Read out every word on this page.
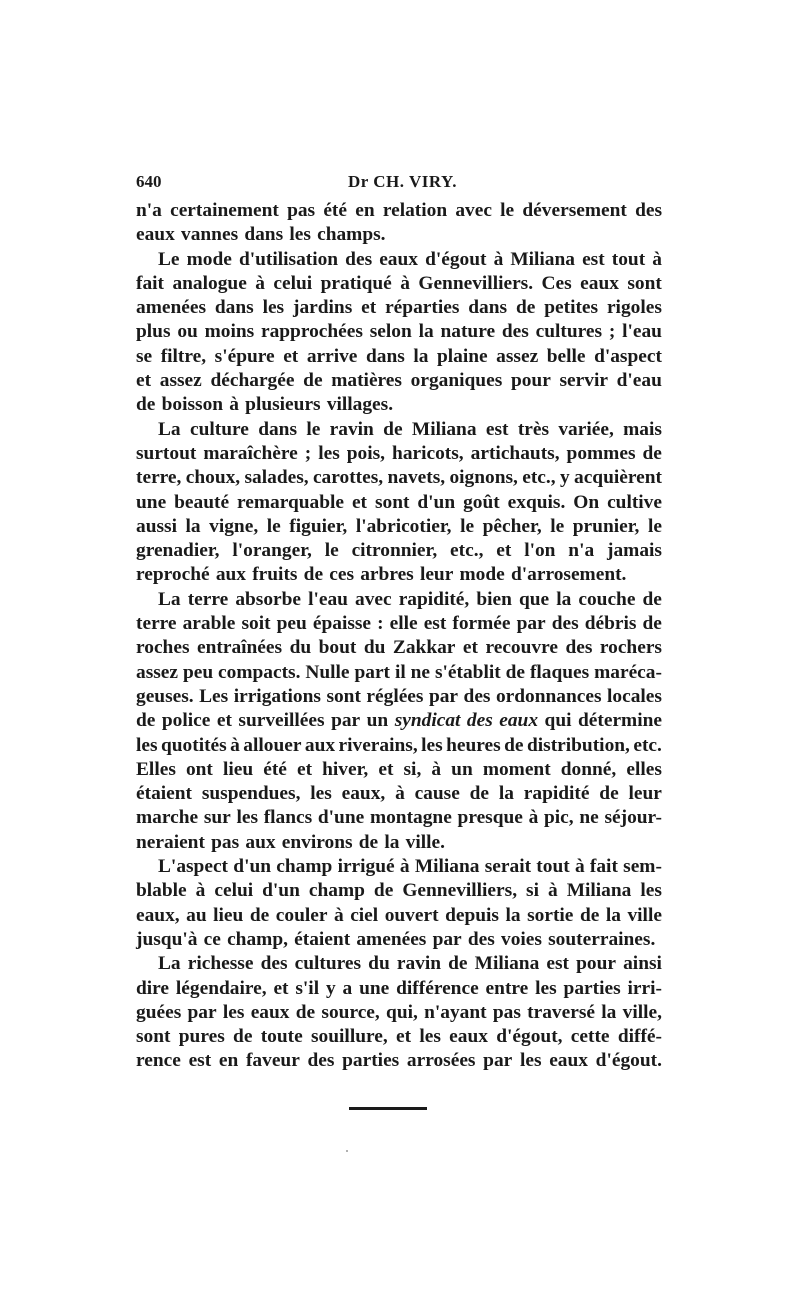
640	Dr CH. VIRY.
n'a certainement pas été en relation avec le déversement des
eaux vannes dans les champs.
Le mode d'utilisation des eaux d'égout à Miliana est tout à
fait analogue à celui pratiqué à Gennevilliers. Ces eaux sont
amenées dans les jardins et réparties dans de petites rigoles
plus ou moins rapprochées selon la nature des cultures ; l'eau
se filtre, s'épure et arrive dans la plaine assez belle d'aspect
et assez déchargée de matières organiques pour servir d'eau
de boisson à plusieurs villages.
La culture dans le ravin de Miliana est très variée, mais
surtout maraîchère ; les pois, haricots, artichauts, pommes de
terre, choux, salades, carottes, navets, oignons, etc., y acquièrent
une beauté remarquable et sont d'un goût exquis. On cultive
aussi la vigne, le figuier, l'abricotier, le pêcher, le prunier, le
grenadier, l'oranger, le citronnier, etc., et l'on n'a jamais
reproché aux fruits de ces arbres leur mode d'arrosement.
La terre absorbe l'eau avec rapidité, bien que la couche de
terre arable soit peu épaisse : elle est formée par des débris de
roches entraînées du bout du Zakkar et recouvre des rochers
assez peu compacts. Nulle part il ne s'établit de flaques maréca-
geuses. Les irrigations sont réglées par des ordonnances locales
de police et surveillées par un syndicat des eaux qui détermine
les quotités à allouer aux riverains, les heures de distribution, etc.
Elles ont lieu été et hiver, et si, à un moment donné, elles
étaient suspendues, les eaux, à cause de la rapidité de leur
marche sur les flancs d'une montagne presque à pic, ne séjour-
neraient pas aux environs de la ville.
L'aspect d'un champ irrigué à Miliana serait tout à fait sem-
blable à celui d'un champ de Gennevilliers, si à Miliana les
eaux, au lieu de couler à ciel ouvert depuis la sortie de la ville
jusqu'à ce champ, étaient amenées par des voies souterraines.
La richesse des cultures du ravin de Miliana est pour ainsi
dire légendaire, et s'il y a une différence entre les parties irri-
guées par les eaux de source, qui, n'ayant pas traversé la ville,
sont pures de toute souillure, et les eaux d'égout, cette diffé-
rence est en faveur des parties arrosées par les eaux d'égout.
